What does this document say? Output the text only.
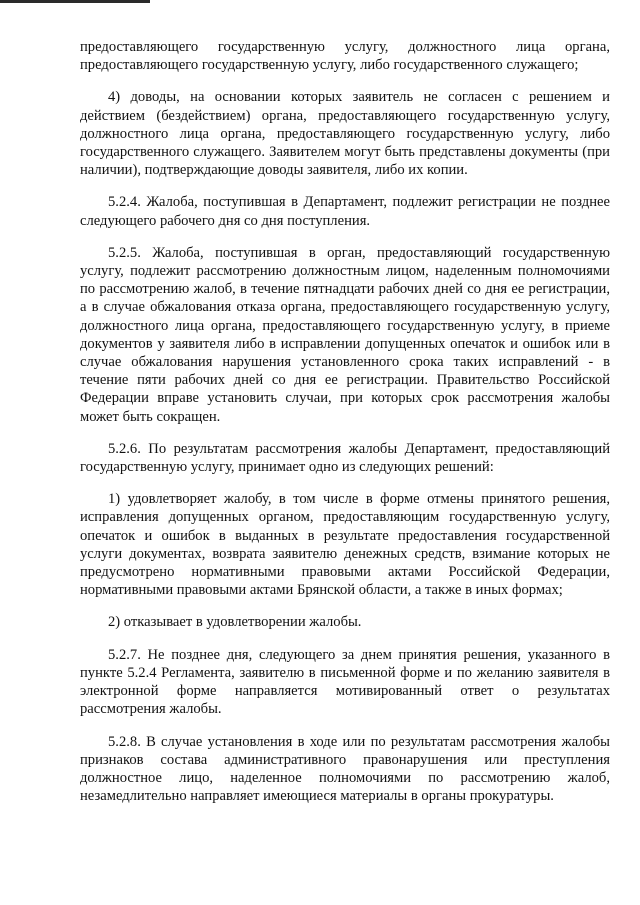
предоставляющего государственную услугу, должностного лица органа, предоставляющего государственную услугу, либо государственного служащего;

4) доводы, на основании которых заявитель не согласен с решением и действием (бездействием) органа, предоставляющего государственную услугу, должностного лица органа, предоставляющего государственную услугу, либо государственного служащего. Заявителем могут быть представлены документы (при наличии), подтверждающие доводы заявителя, либо их копии.

5.2.4. Жалоба, поступившая в Департамент, подлежит регистрации не позднее следующего рабочего дня со дня поступления.

5.2.5. Жалоба, поступившая в орган, предоставляющий государственную услугу, подлежит рассмотрению должностным лицом, наделенным полномочиями по рассмотрению жалоб, в течение пятнадцати рабочих дней со дня ее регистрации, а в случае обжалования отказа органа, предоставляющего государственную услугу, должностного лица органа, предоставляющего государственную услугу, в приеме документов у заявителя либо в исправлении допущенных опечаток и ошибок или в случае обжалования нарушения установленного срока таких исправлений - в течение пяти рабочих дней со дня ее регистрации. Правительство Российской Федерации вправе установить случаи, при которых срок рассмотрения жалобы может быть сокращен.

5.2.6. По результатам рассмотрения жалобы Департамент, предоставляющий государственную услугу, принимает одно из следующих решений:

1) удовлетворяет жалобу, в том числе в форме отмены принятого решения, исправления допущенных органом, предоставляющим государственную услугу, опечаток и ошибок в выданных в результате предоставления государственной услуги документах, возврата заявителю денежных средств, взимание которых не предусмотрено нормативными правовыми актами Российской Федерации, нормативными правовыми актами Брянской области, а также в иных формах;

2) отказывает в удовлетворении жалобы.

5.2.7. Не позднее дня, следующего за днем принятия решения, указанного в пункте 5.2.4 Регламента, заявителю в письменной форме и по желанию заявителя в электронной форме направляется мотивированный ответ о результатах рассмотрения жалобы.

5.2.8. В случае установления в ходе или по результатам рассмотрения жалобы признаков состава административного правонарушения или преступления должностное лицо, наделенное полномочиями по рассмотрению жалоб, незамедлительно направляет имеющиеся материалы в органы прокуратуры.
